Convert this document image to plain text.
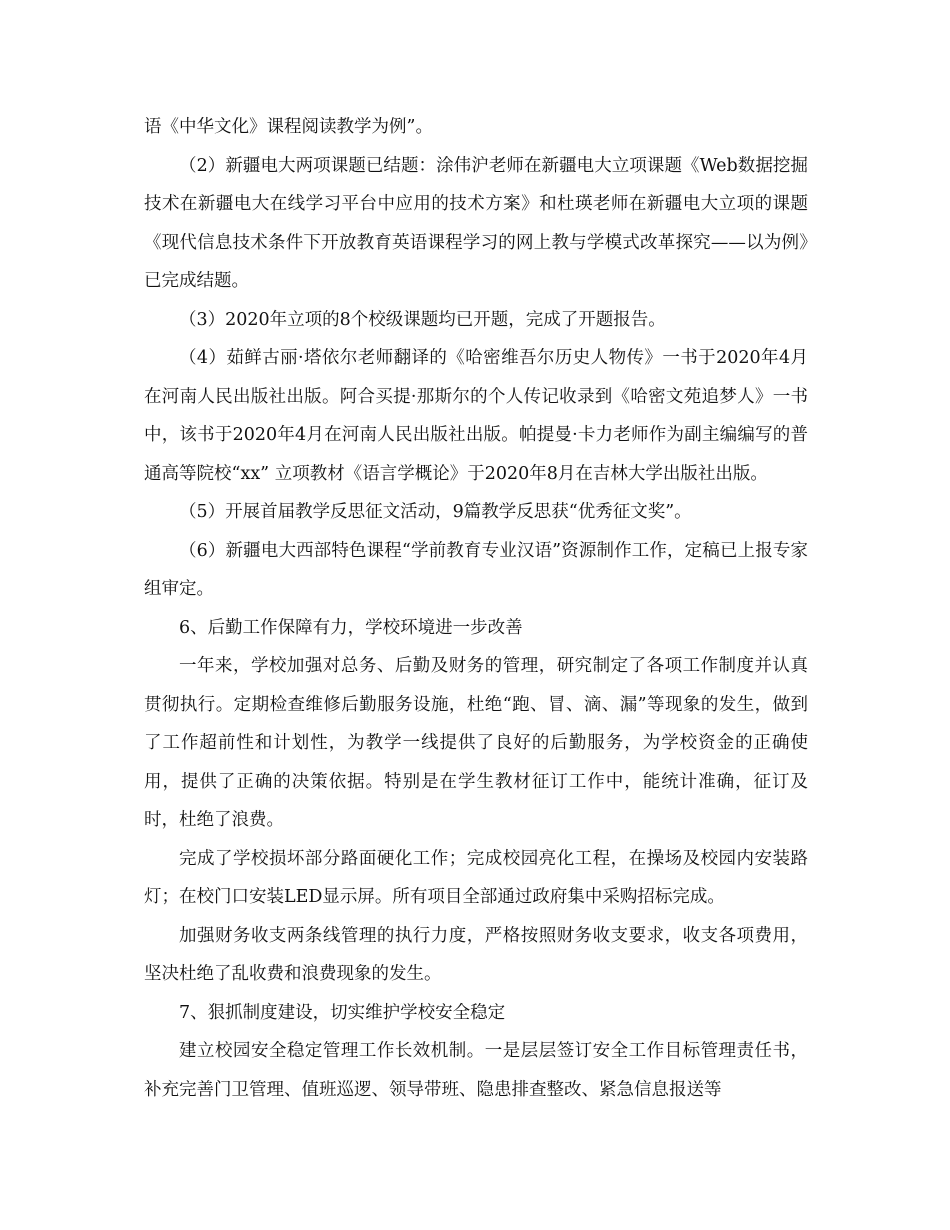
语《中华文化》课程阅读教学为例”。

（2）新疆电大两项课题已结题：涂伟沪老师在新疆电大立项课题《Web数据挖掘技术在新疆电大在线学习平台中应用的技术方案》和杜瑛老师在新疆电大立项的课题《现代信息技术条件下开放教育英语课程学习的网上教与学模式改革探究——以为例》已完成结题。

（3）2020年立项的8个校级课题均已开题，完成了开题报告。

（4）茹鲜古丽·塔依尔老师翻译的《哈密维吾尔历史人物传》一书于2020年4月在河南人民出版社出版。阿合买提·那斯尔的个人传记收录到《哈密文苑追梦人》一书中，该书于2020年4月在河南人民出版社出版。帕提曼·卡力老师作为副主编编写的普通高等院校“xx” 立项教材《语言学概论》于2020年8月在吉林大学出版社出版。

（5）开展首届教学反思征文活动，9篇教学反思获“优秀征文奖”。

（6）新疆电大西部特色课程“学前教育专业汉语”资源制作工作，定稿已上报专家组审定。

6、后勤工作保障有力，学校环境进一步改善

一年来，学校加强对总务、后勤及财务的管理，研究制定了各项工作制度并认真贯彻执行。定期检查维修后勤服务设施，杜绝“跑、冒、滴、漏”等现象的发生，做到了工作超前性和计划性，为教学一线提供了良好的后勤服务，为学校资金的正确使用，提供了正确的决策依据。特别是在学生教材征订工作中，能统计准确，征订及时，杜绝了浪费。

完成了学校损坏部分路面硬化工作；完成校园亮化工程，在操场及校园内安装路灯；在校门口安装LED显示屏。所有项目全部通过政府集中采购招标完成。

加强财务收支两条线管理的执行力度，严格按照财务收支要求，收支各项费用，坚决杜绝了乱收费和浪费现象的发生。

7、狠抓制度建设，切实维护学校安全稳定

建立校园安全稳定管理工作长效机制。一是层层签订安全工作目标管理责任书，补充完善门卫管理、值班巡逻、领导带班、隐患排查整改、紧急信息报送等
